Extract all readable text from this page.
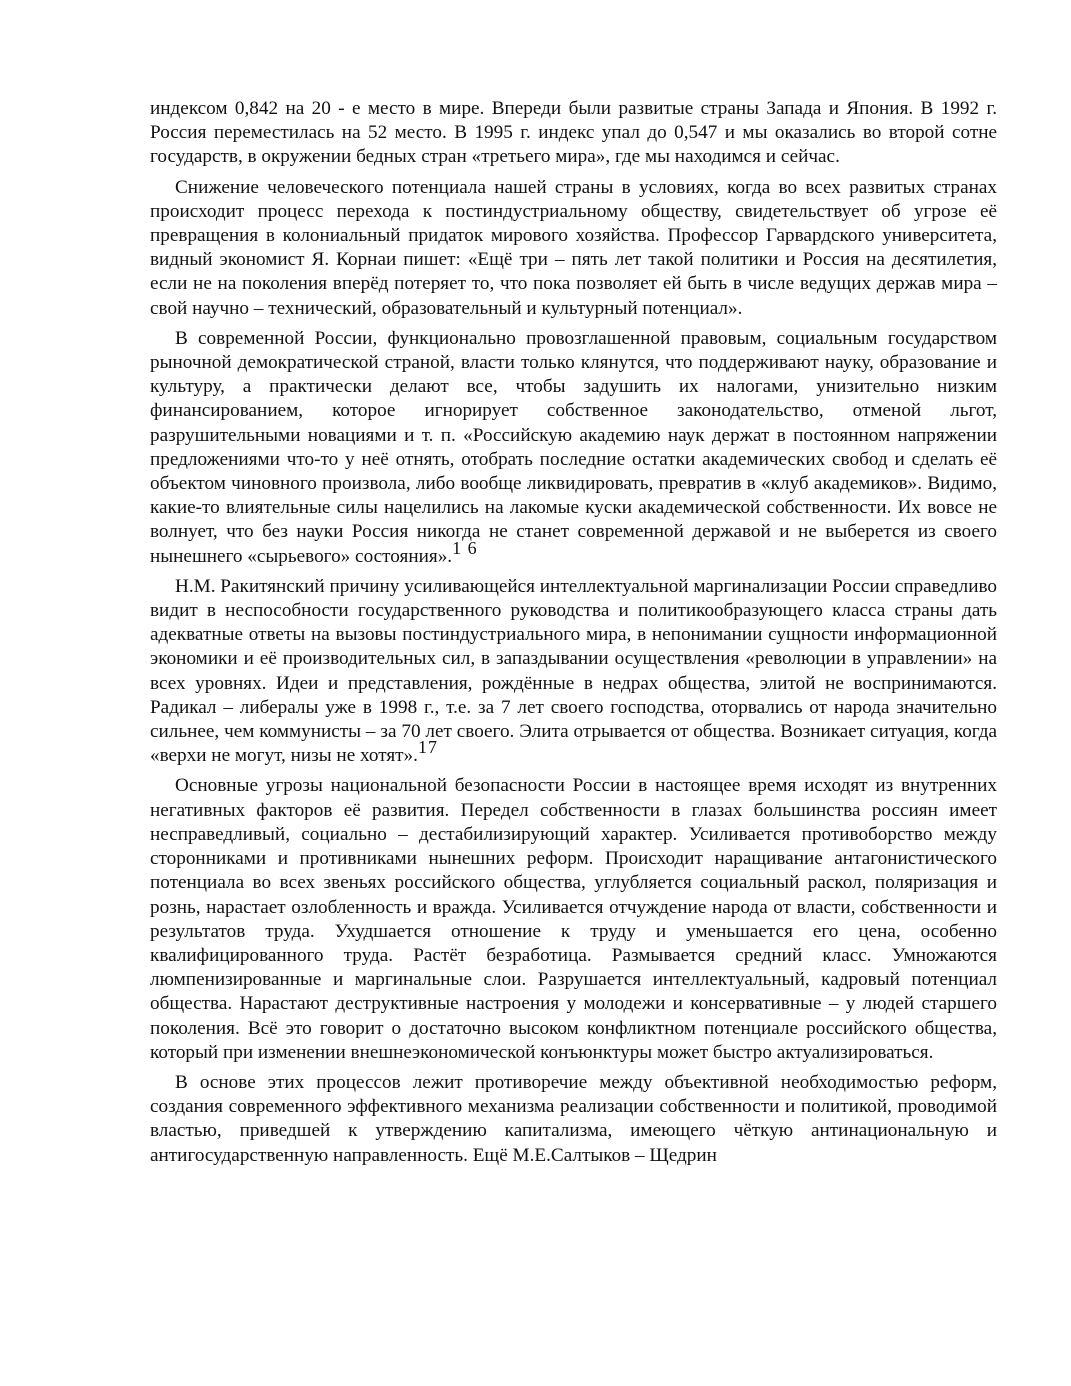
индексом 0,842 на 20 - е место в мире. Впереди были развитые страны Запада и Япония. В 1992 г. Россия переместилась на 52 место. В 1995 г. индекс упал до 0,547 и мы оказались во второй сотне государств, в окружении бедных стран «третьего мира», где мы находимся и сейчас.

Снижение человеческого потенциала нашей страны в условиях, когда во всех развитых странах происходит процесс перехода к постиндустриальному обществу, свидетельствует об угрозе её превращения в колониальный придаток мирового хозяйства. Профессор Гарвардского университета, видный экономист Я. Корнаи пишет: «Ещё три – пять лет такой политики и Россия на десятилетия, если не на поколения вперёд потеряет то, что пока позволяет ей быть в числе ведущих держав мира – свой научно – технический, образовательный и культурный потенциал».

В современной России, функционально провозглашенной правовым, социальным государством рыночной демократической страной, власти только клянутся, что поддерживают науку, образование и культуру, а практически делают все, чтобы задушить их налогами, унизительно низким финансированием, которое игнорирует собственное законодательство, отменой льгот, разрушительными новациями и т. п. «Российскую академию наук держат в постоянном напряжении предложениями что-то у неё отнять, отобрать последние остатки академических свобод и сделать её объектом чиновного произвола, либо вообще ликвидировать, превратив в «клуб академиков». Видимо, какие-то влиятельные силы нацелились на лакомые куски академической собственности. Их вовсе не волнует, что без науки Россия никогда не станет современной державой и не выберется из своего нынешнего «сырьевого» состояния».1 6

Н.М. Ракитянский причину усиливающейся интеллектуальной маргинализации России справедливо видит в неспособности государственного руководства и политикообразующего класса страны дать адекватные ответы на вызовы постиндустриального мира, в непонимании сущности информационной экономики и её производительных сил, в запаздывании осуществления «революции в управлении» на всех уровнях. Идеи и представления, рождённые в недрах общества, элитой не воспринимаются. Радикал – либералы уже в 1998 г., т.е. за 7 лет своего господства, оторвались от народа значительно сильнее, чем коммунисты – за 70 лет своего. Элита отрывается от общества. Возникает ситуация, когда «верхи не могут, низы не хотят».17

Основные угрозы национальной безопасности России в настоящее время исходят из внутренних негативных факторов её развития. Передел собственности в глазах большинства россиян имеет несправедливый, социально – дестабилизирующий характер. Усиливается противоборство между сторонниками и противниками нынешних реформ. Происходит наращивание антагонистического потенциала во всех звеньях российского общества, углубляется социальный раскол, поляризация и рознь, нарастает озлобленность и вражда. Усиливается отчуждение народа от власти, собственности и результатов труда. Ухудшается отношение к труду и уменьшается его цена, особенно квалифицированного труда. Растёт безработица. Размывается средний класс. Умножаются люмпенизированные и маргинальные слои. Разрушается интеллектуальный, кадровый потенциал общества. Нарастают деструктивные настроения у молодежи и консервативные – у людей старшего поколения. Всё это говорит о достаточно высоком конфликтном потенциале российского общества, который при изменении внешнеэкономической конъюнктуры может быстро актуализироваться.

В основе этих процессов лежит противоречие между объективной необходимостью реформ, создания современного эффективного механизма реализации собственности и политикой, проводимой властью, приведшей к утверждению капитализма, имеющего чёткую антинациональную и антигосударственную направленность. Ещё М.Е.Салтыков – Щедрин
